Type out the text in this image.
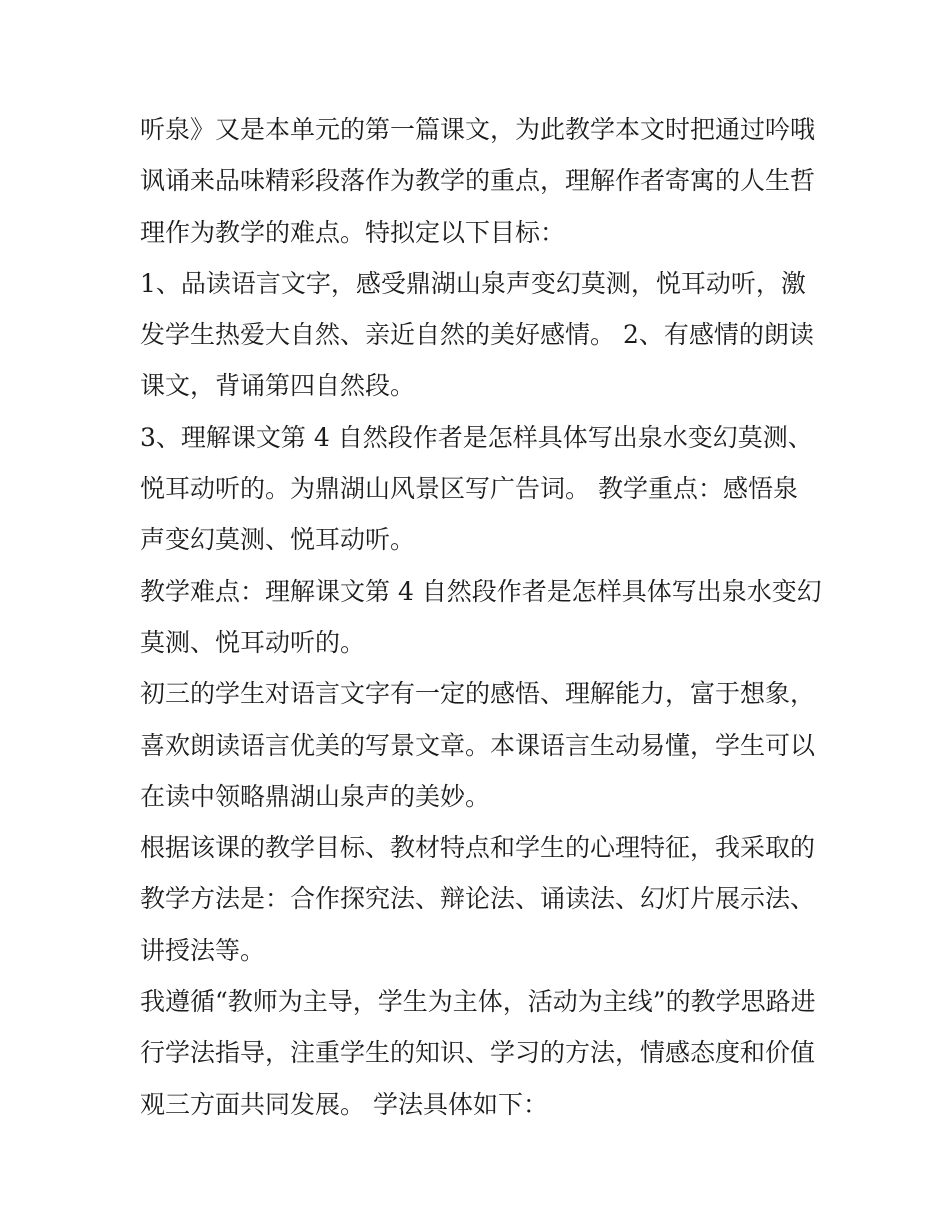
听泉》又是本单元的第一篇课文，为此教学本文时把通过吟哦
讽诵来品味精彩段落作为教学的重点，理解作者寄寓的人生哲
理作为教学的难点。特拟定以下目标：
1、品读语言文字，感受鼎湖山泉声变幻莫测，悦耳动听，激
发学生热爱大自然、亲近自然的美好感情。 2、有感情的朗读
课文，背诵第四自然段。
3、理解课文第 4 自然段作者是怎样具体写出泉水变幻莫测、
悦耳动听的。为鼎湖山风景区写广告词。 教学重点：感悟泉
声变幻莫测、悦耳动听。
教学难点：理解课文第 4 自然段作者是怎样具体写出泉水变幻
莫测、悦耳动听的。
初三的学生对语言文字有一定的感悟、理解能力，富于想象，
喜欢朗读语言优美的写景文章。本课语言生动易懂，学生可以
在读中领略鼎湖山泉声的美妙。
根据该课的教学目标、教材特点和学生的心理特征，我采取的
教学方法是：合作探究法、辩论法、诵读法、幻灯片展示法、
讲授法等。
我遵循“教师为主导，学生为主体，活动为主线”的教学思路进
行学法指导，注重学生的知识、学习的方法，情感态度和价值
观三方面共同发展。 学法具体如下：
